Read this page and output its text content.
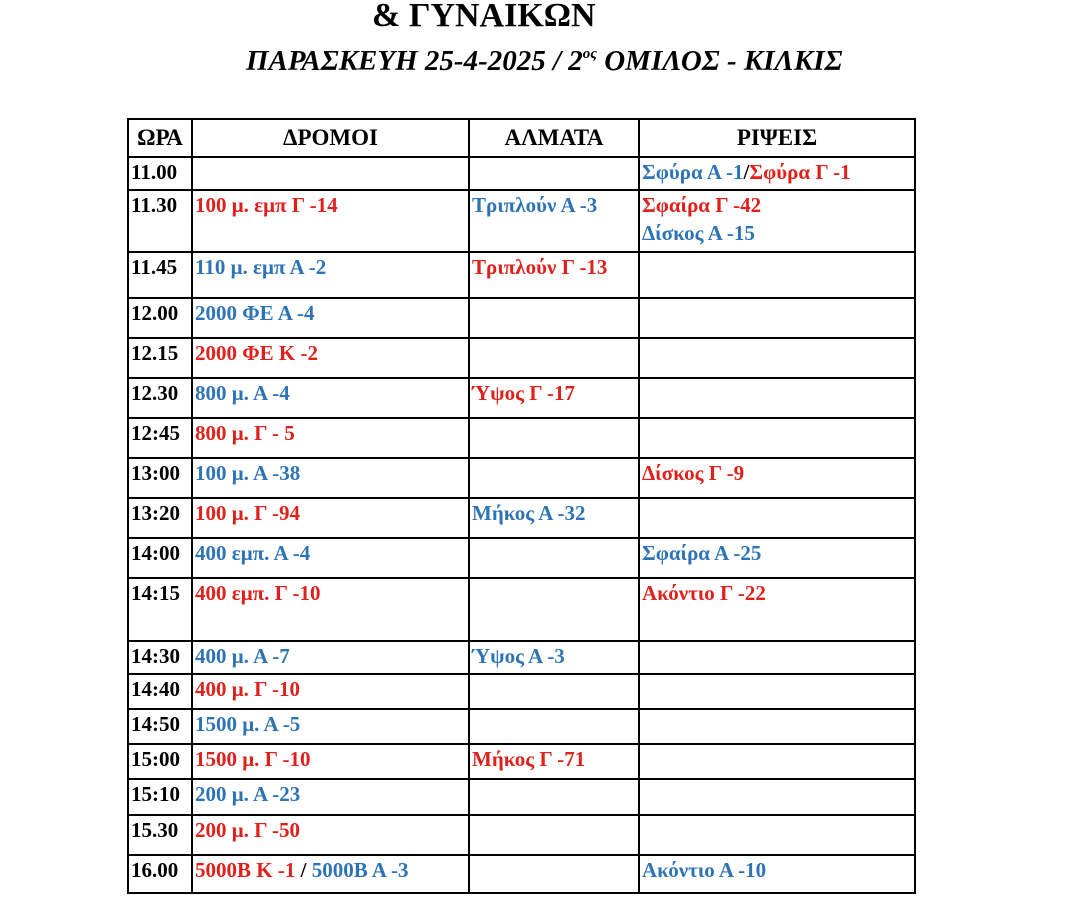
& ΓΥΝΑΙΚΩΝ
ΠΑΡΑΣΚΕΥΗ $25-4-2025 / 2^{o\varsigma}$ ΟΜΙΛΟΣ - ΚΙΛΚΙΣ
ΩΡΑ	ΔΡΟΜΟΙ	ΑΛΜΑΤΑ	ΡΙΨΕΙΣ
11.00			Σφύρα Α -1/Σφύρα Γ -1

11.30	100 μ. εμπ Γ -14	Τριπλούν Α -3	Σφαίρα Γ -42
Δίσκος Α -15

11.45	110 μ. εμπ Α -2	Τριπλούν Γ -13	

12.00	2000 ΦΕ Α -4		

12.15	2000 ΦΕ Κ -2		

12.30	800 μ. Α -4	Ύψος Γ -17	

12:45	800 μ. Γ - 5		

13:00	100 μ. Α -38		Δίσκος Γ -9

13:20	100 μ. Γ -94	Μήκος Α -32	

14:00	400 εμπ. Α -4		Σφαίρα Α -25

14:15	400 εμπ. Γ -10		Ακόντιο Γ -22

14:30	400 μ. Α -7	Ύψος Α -3	

14:40	400 μ. Γ -10		

14:50	1500 μ. Α -5		

15:00	1500 μ. Γ -10	Μήκος Γ -71	

15:10	200 μ. Α -23		

15.30	200 μ. Γ -50		

16.00	5000Β Κ -1 / 5000Β Α -3		Ακόντιο Α -10
